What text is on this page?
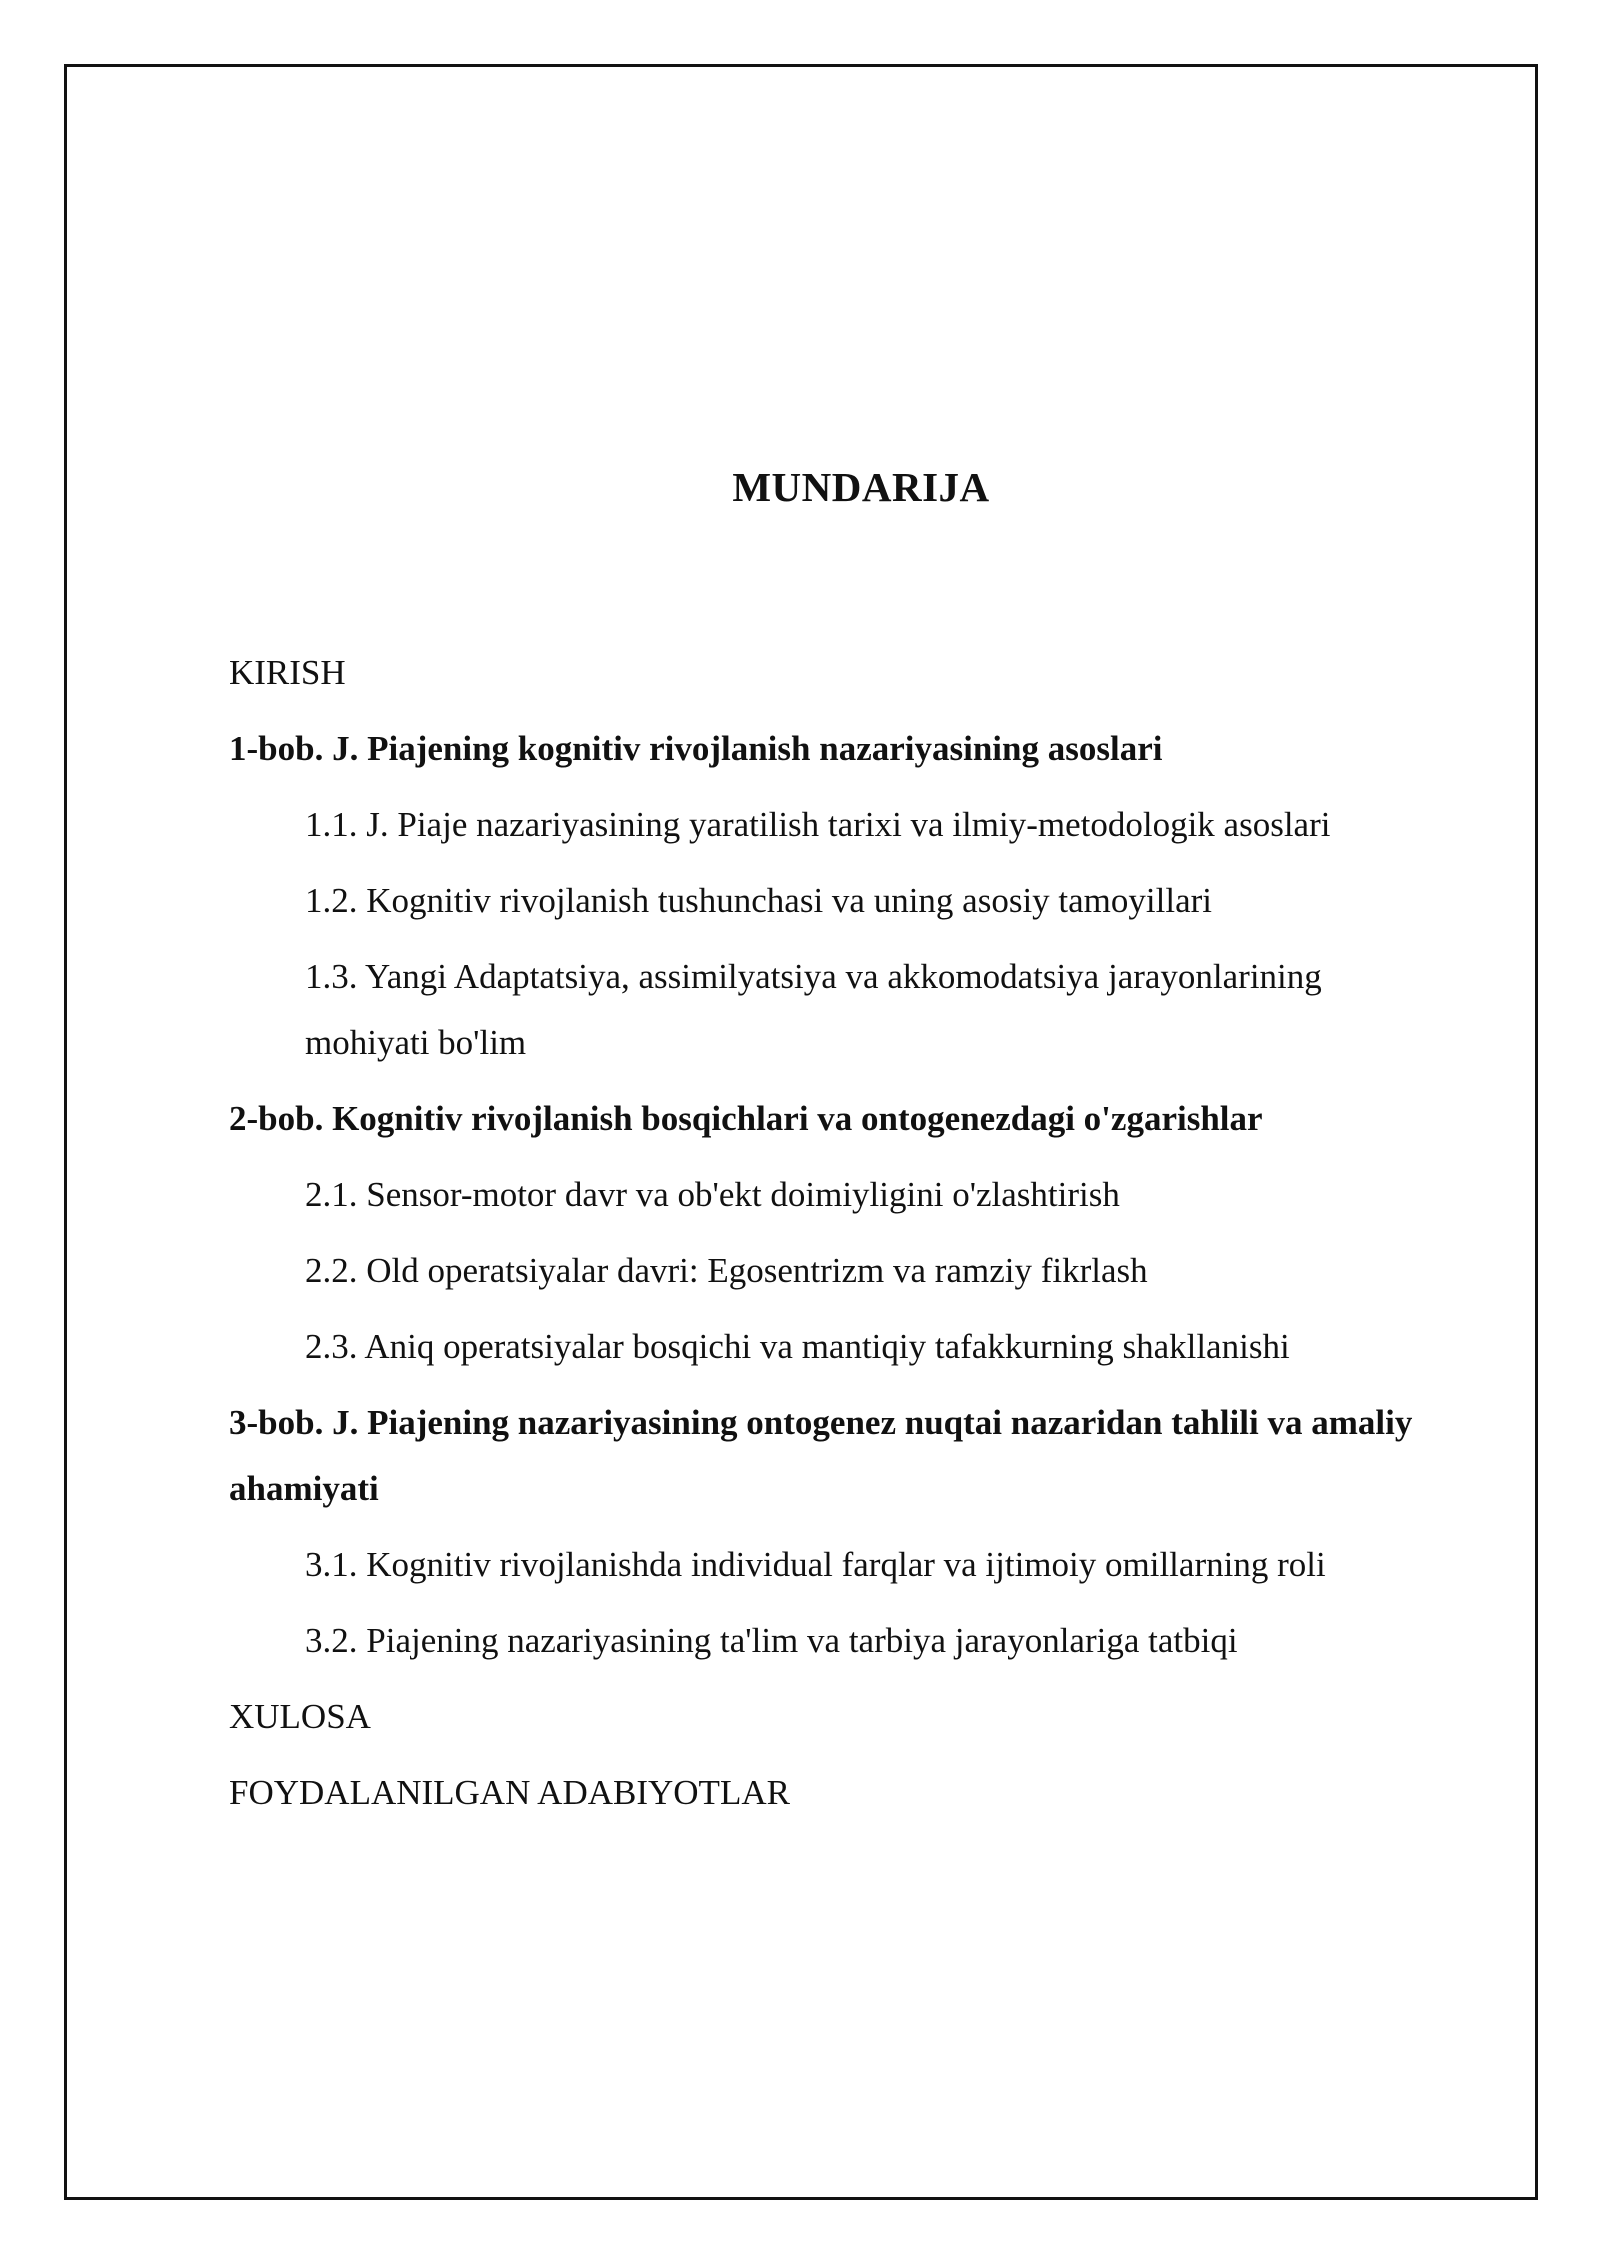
MUNDARIJA
KIRISH
1-bob. J. Piajening kognitiv rivojlanish nazariyasining asoslari
1.1. J. Piaje nazariyasining yaratilish tarixi va ilmiy-metodologik asoslari
1.2. Kognitiv rivojlanish tushunchasi va uning asosiy tamoyillari
1.3. Yangi Adaptatsiya, assimilyatsiya va akkomodatsiya jarayonlarining mohiyati bo'lim
2-bob. Kognitiv rivojlanish bosqichlari va ontogenezdagi o'zgarishlar
2.1. Sensor-motor davr va ob'ekt doimiyligini o'zlashtirish
2.2. Old operatsiyalar davri: Egosentrizm va ramziy fikrlash
2.3. Aniq operatsiyalar bosqichi va mantiqiy tafakkurning shakllanishi
3-bob. J. Piajening nazariyasining ontogenez nuqtai nazaridan tahlili va amaliy ahamiyati
3.1. Kognitiv rivojlanishda individual farqlar va ijtimoiy omillarning roli
3.2. Piajening nazariyasining ta'lim va tarbiya jarayonlariga tatbiqi
XULOSA
FOYDALANILGAN ADABIYOTLAR
